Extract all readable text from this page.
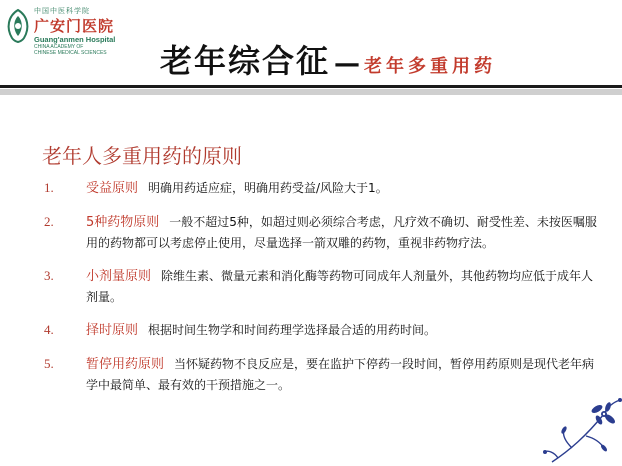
中国中医科学院
广安门医院
Guang'anmen Hospital
CHINA ACADEMY OF
CHINESE MEDICAL SCIENCES 老年综合征 — 老年多重用药
老年人多重用药的原则
1. 受益原则 明确用药适应症，明确用药受益/风险大于1。
2. 5种药物原则 一般不超过5种，如超过则必须综合考虑，凡疗效不确切、耐受性差、未按医嘱服用的药物都可以考虑停止使用，尽量选择一箭双雕的药物，重视非药物疗法。
3. 小剂量原则 除维生素、微量元素和消化酶等药物可同成年人剂量外，其他药物均应低于成年人剂量。
4. 择时原则 根据时间生物学和时间药理学选择最合适的用药时间。
5. 暂停用药原则 当怀疑药物不良反应是，要在监护下停药一段时间，暂停用药原则是现代老年病学中最简单、最有效的干预措施之一。
